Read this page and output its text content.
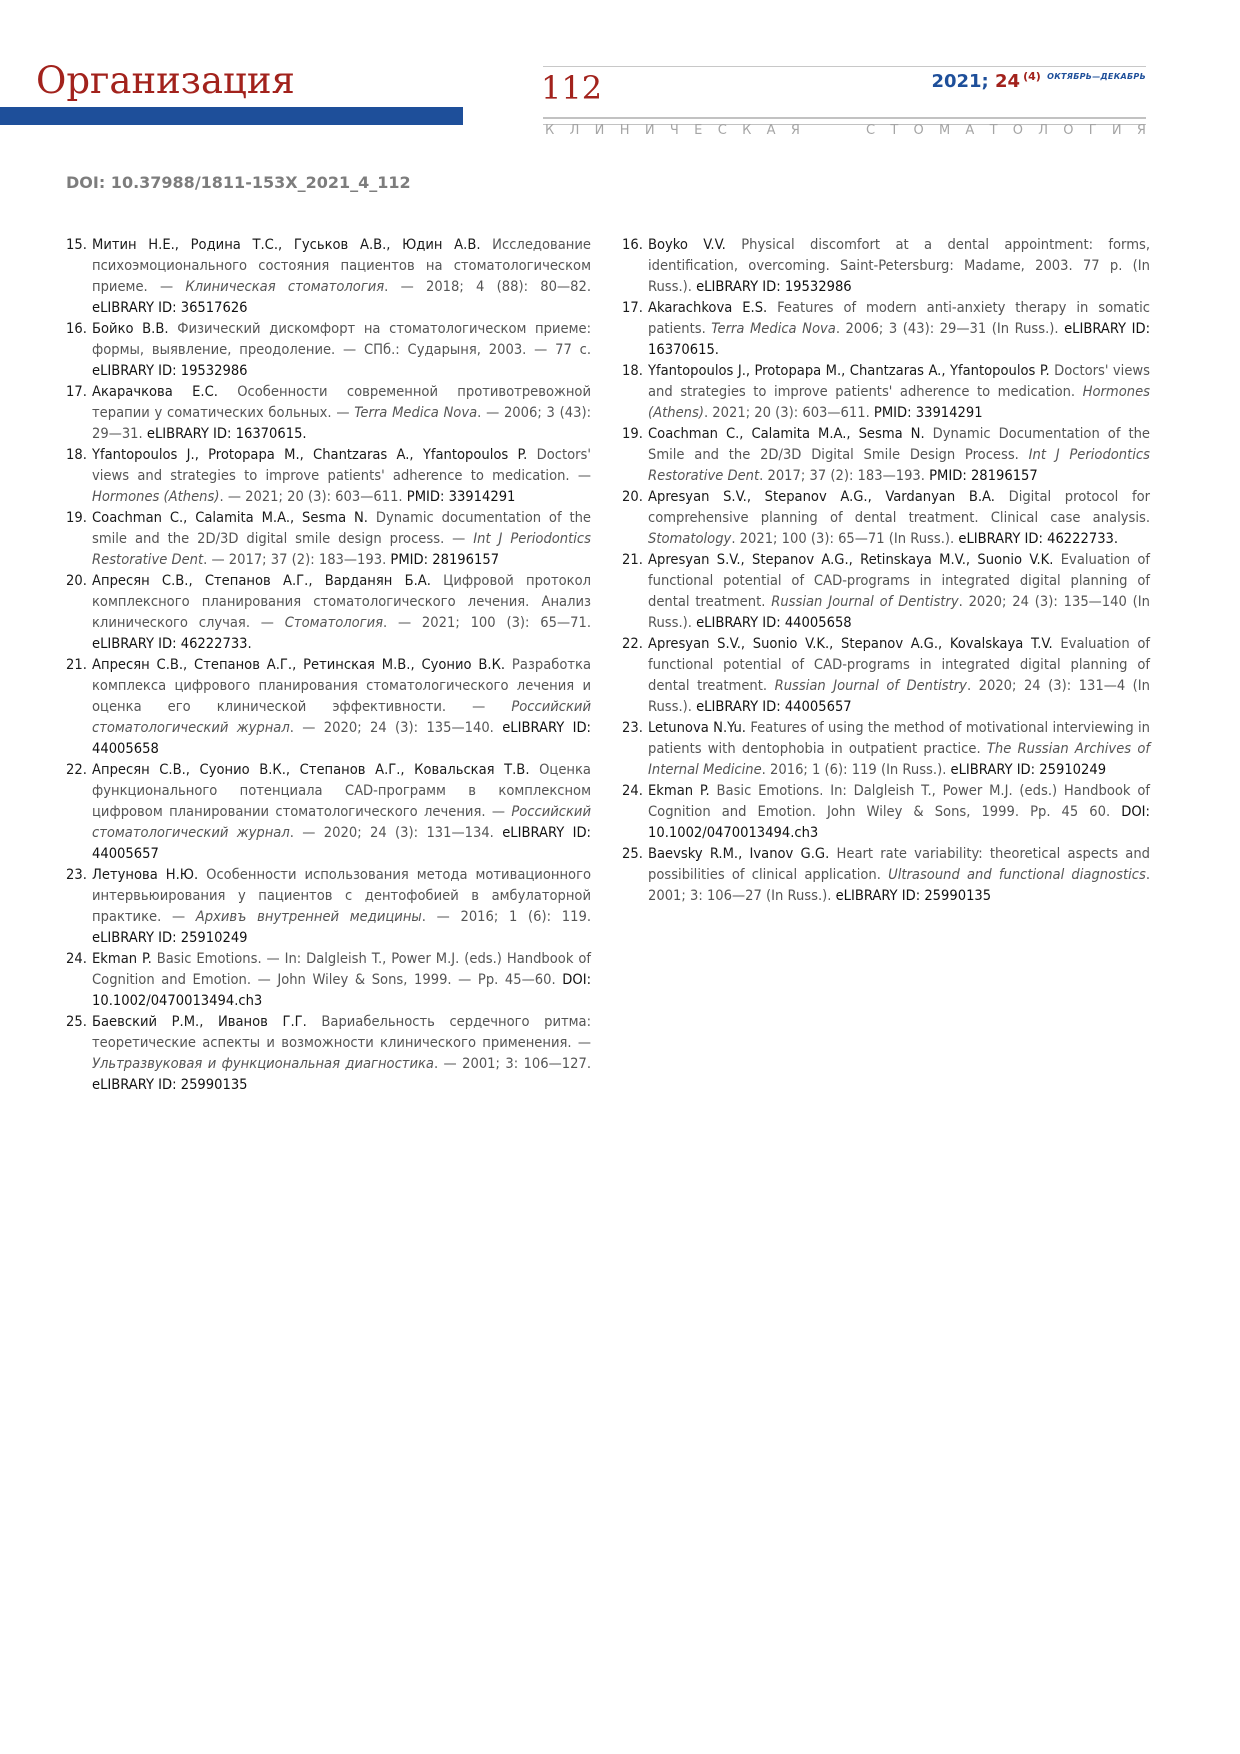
Организация	112	2021; 24 $^{(4)}$ $^{ОКТЯБРЬ—ДЕКАБРЬ}$
К Л И Н И Ч Е С К А Я	С Т О М А Т О Л О Г И Я
DOI: 10.37988/1811-153X_2021_4_112
15. Митин Н.Е., Родина Т.С., Гуськов А.В., Юдин А.В. Исследование психоэмоционального состояния пациентов на стоматологическом приеме. — Клиническая стоматология. — 2018; 4 (88): 80—82. eLIBRARY ID: 36517626
16. Бойко В.В. Физический дискомфорт на стоматологическом приеме: формы, выявление, преодоление. — СПб.: Сударыня, 2003. — 77 с. eLIBRARY ID: 19532986
17. Акарачкова Е.С. Особенности современной противотревожной терапии у соматических больных. — Terra Medica Nova. — 2006; 3 (43): 29—31. eLIBRARY ID: 16370615.
18. Yfantopoulos J., Protopapa M., Chantzaras A., Yfantopoulos P. Doctors' views and strategies to improve patients' adherence to medication. — Hormones (Athens). — 2021; 20 (3): 603—611. PMID: 33914291
19. Coachman C., Calamita M.A., Sesma N. Dynamic documentation of the smile and the 2D/3D digital smile design process. — Int J Periodontics Restorative Dent. — 2017; 37 (2): 183—193. PMID: 28196157
20. Апресян С.В., Степанов А.Г., Варданян Б.А. Цифровой протокол комплексного планирования стоматологического лечения. Анализ клинического случая. — Стоматология. — 2021; 100 (3): 65—71. eLIBRARY ID: 46222733.
21. Апресян С.В., Степанов А.Г., Ретинская М.В., Суонио В.К. Разработка комплекса цифрового планирования стоматологического лечения и оценка его клинической эффективности. — Российский стоматологический журнал. — 2020; 24 (3): 135—140. eLIBRARY ID: 44005658
22. Апресян С.В., Суонио В.К., Степанов А.Г., Ковальская Т.В. Оценка функционального потенциала CAD-программ в комплексном цифровом планировании стоматологического лечения. — Российский стоматологический журнал. — 2020; 24 (3): 131—134. eLIBRARY ID: 44005657
23. Летунова Н.Ю. Особенности использования метода мотивационного интервьюирования у пациентов с дентофобией в амбулаторной практике. — Архивъ внутренней медицины. — 2016; 1 (6): 119. eLIBRARY ID: 25910249
24. Ekman P. Basic Emotions. — In: Dalgleish T., Power M.J. (eds.) Handbook of Cognition and Emotion. — John Wiley & Sons, 1999. — Pp. 45—60. DOI: 10.1002/0470013494.ch3
25. Баевский Р.М., Иванов Г.Г. Вариабельность сердечного ритма: теоретические аспекты и возможности клинического применения. — Ультразвуковая и функциональная диагностика. — 2001; 3: 106—127. eLIBRARY ID: 25990135
16. Boyko V.V. Physical discomfort at a dental appointment: forms, identification, overcoming. Saint-Petersburg: Madame, 2003. 77 p. (In Russ.). eLIBRARY ID: 19532986
17. Akarachkova E.S. Features of modern anti-anxiety therapy in somatic patients. Terra Medica Nova. 2006; 3 (43): 29—31 (In Russ.). eLIBRARY ID: 16370615.
18. Yfantopoulos J., Protopapa M., Chantzaras A., Yfantopoulos P. Doctors' views and strategies to improve patients' adherence to medication. Hormones (Athens). 2021; 20 (3): 603—611. PMID: 33914291
19. Coachman C., Calamita M.A., Sesma N. Dynamic Documentation of the Smile and the 2D/3D Digital Smile Design Process. Int J Periodontics Restorative Dent. 2017; 37 (2): 183—193. PMID: 28196157
20. Apresyan S.V., Stepanov A.G., Vardanyan B.A. Digital protocol for comprehensive planning of dental treatment. Clinical case analysis. Stomatology. 2021; 100 (3): 65—71 (In Russ.). eLIBRARY ID: 46222733.
21. Apresyan S.V., Stepanov A.G., Retinskaya M.V., Suonio V.K. Evaluation of functional potential of CAD-programs in integrated digital planning of dental treatment. Russian Journal of Dentistry. 2020; 24 (3): 135—140 (In Russ.). eLIBRARY ID: 44005658
22. Apresyan S.V., Suonio V.K., Stepanov A.G., Kovalskaya T.V. Evaluation of functional potential of CAD-programs in integrated digital planning of dental treatment. Russian Journal of Dentistry. 2020; 24 (3): 131—4 (In Russ.). eLIBRARY ID: 44005657
23. Letunova N.Yu. Features of using the method of motivational interviewing in patients with dentophobia in outpatient practice. The Russian Archives of Internal Medicine. 2016; 1 (6): 119 (In Russ.). eLIBRARY ID: 25910249
24. Ekman P. Basic Emotions. In: Dalgleish T., Power M.J. (eds.) Handbook of Cognition and Emotion. John Wiley & Sons, 1999. Pp. 45 60. DOI: 10.1002/0470013494.ch3
25. Baevsky R.M., Ivanov G.G. Heart rate variability: theoretical aspects and possibilities of clinical application. Ultrasound and functional diagnostics. 2001; 3: 106—27 (In Russ.). eLIBRARY ID: 25990135
